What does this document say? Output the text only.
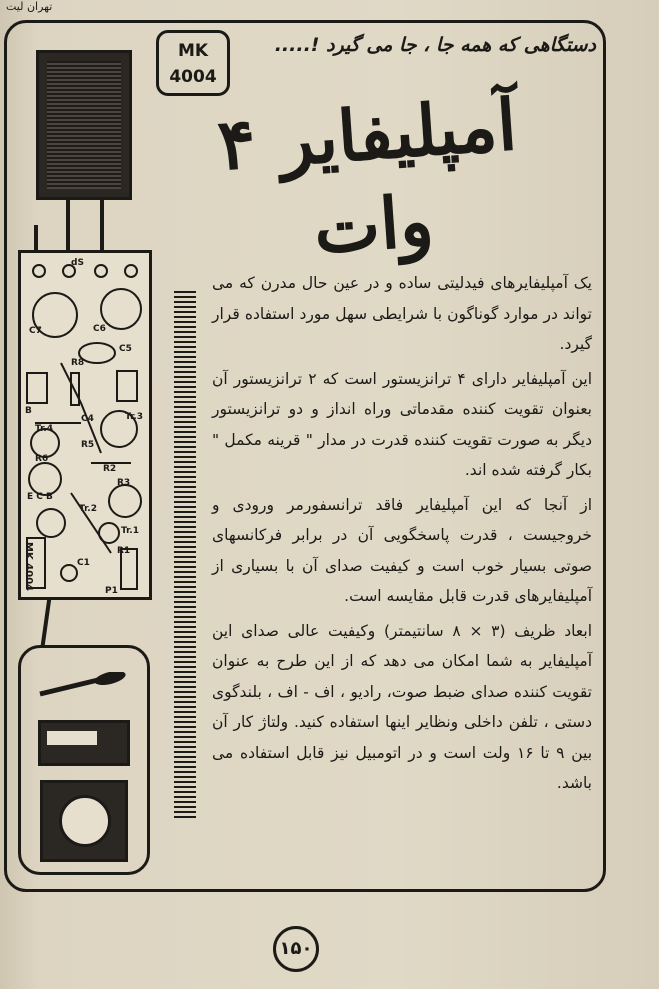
تهران لیت
MK
4004
دستگاهی که همه جا ، جا می گیرد !.....
آمپلیفایر ۴ وات
C7	C6
C5
R8
B
C4
Tr.4
Tr.3
R6
R5
R2
R3
E C B
Tr.2
Tr.1
R1
C1
P1
dS
MK 4004

یک آمپلیفایرهای فیدلیتی ساده و در عین حال مدرن که می تواند در موارد گوناگون با شرایطی سهل مورد استفاده قرار گیرد.

این آمپلیفایر دارای ۴ ترانزیستور است که ۲ ترانزیستور آن بعنوان تقویت کننده مقدماتی وراه انداز و دو ترانزیستور دیگر به صورت تقویت کننده قدرت در مدار " قرینه مکمل " بکار گرفته شده اند.

از آنجا که این آمپلیفایر فاقد ترانسفورمر ورودی و خروجیست ، قدرت پاسخگویی آن در برابر فرکانسهای صوتی بسیار خوب است و کیفیت صدای آن با بسیاری از آمپلیفایرهای قدرت قابل مقایسه است.

ابعاد ظریف (۳ × ۸ سانتیمتر) وکیفیت عالی صدای این آمپلیفایر به شما امکان می دهد که از این طرح به عنوان تقویت کننده صدای ضبط صوت، رادیو ، اف - اف ، بلندگوی دستی ، تلفن داخلی ونظایر اینها استفاده کنید. ولتاژ کار آن بین ۹ تا ۱۶ ولت است و در اتومبیل نیز قابل استفاده می باشد.

۱۵۰
